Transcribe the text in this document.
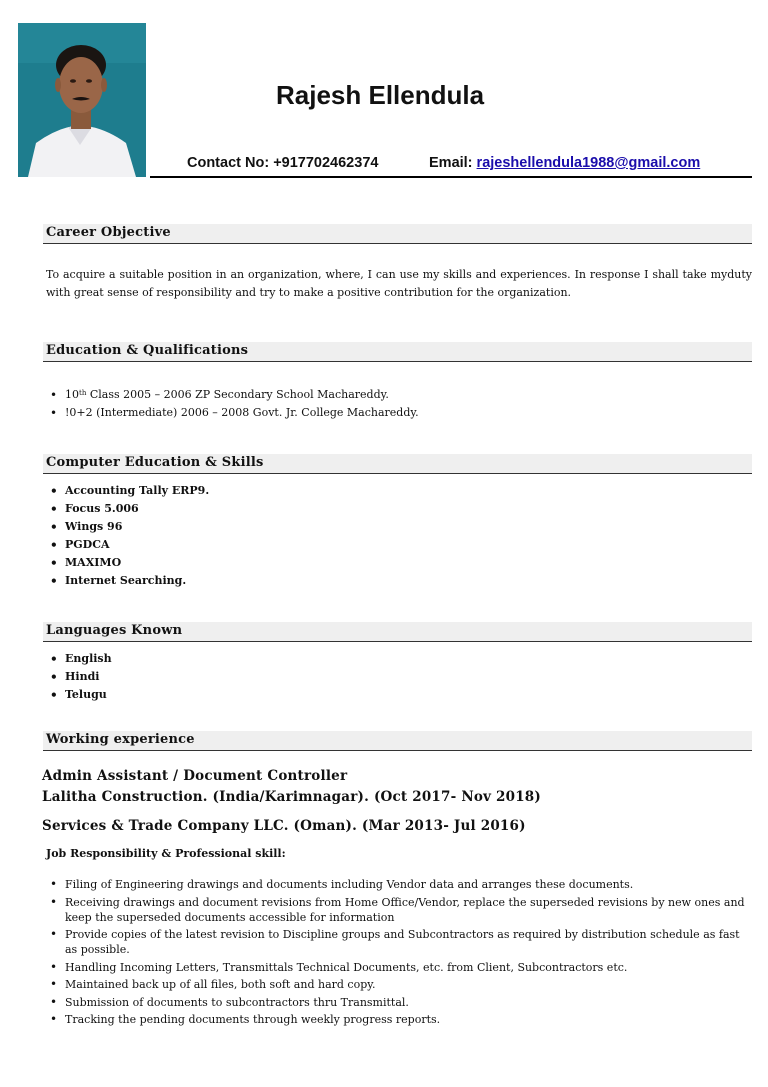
Rajesh Ellendula
Contact No: +917702462374	Email: rajeshellendula1988@gmail.com
Career Objective
To acquire a suitable position in an organization, where, I can use my skills and experiences. In response I shall take myduty with great sense of responsibility and try to make a positive contribution for the organization.
Education & Qualifications
• 10th Class 2005 – 2006 ZP Secondary School Machareddy.
• !0+2 (Intermediate) 2006 – 2008 Govt. Jr. College Machareddy.
Computer Education & Skills
• Accounting Tally ERP9.
• Focus 5.006
• Wings 96
• PGDCA
• MAXIMO
• Internet Searching.
Languages Known
• English
• Hindi
• Telugu
Working experience
Admin Assistant / Document Controller
Lalitha Construction. (India/Karimnagar). (Oct 2017- Nov 2018)
Services & Trade Company LLC. (Oman). (Mar 2013- Jul 2016)
Job Responsibility & Professional skill:
• Filing of Engineering drawings and documents including Vendor data and arranges these documents.
• Receiving drawings and document revisions from Home Office/Vendor, replace the superseded revisions by new ones and keep the superseded documents accessible for information
• Provide copies of the latest revision to Discipline groups and Subcontractors as required by distribution schedule as fast as possible.
• Handling Incoming Letters, Transmittals Technical Documents, etc. from Client, Subcontractors etc.
• Maintained back up of all files, both soft and hard copy.
• Submission of documents to subcontractors thru Transmittal.
• Tracking the pending documents through weekly progress reports.
